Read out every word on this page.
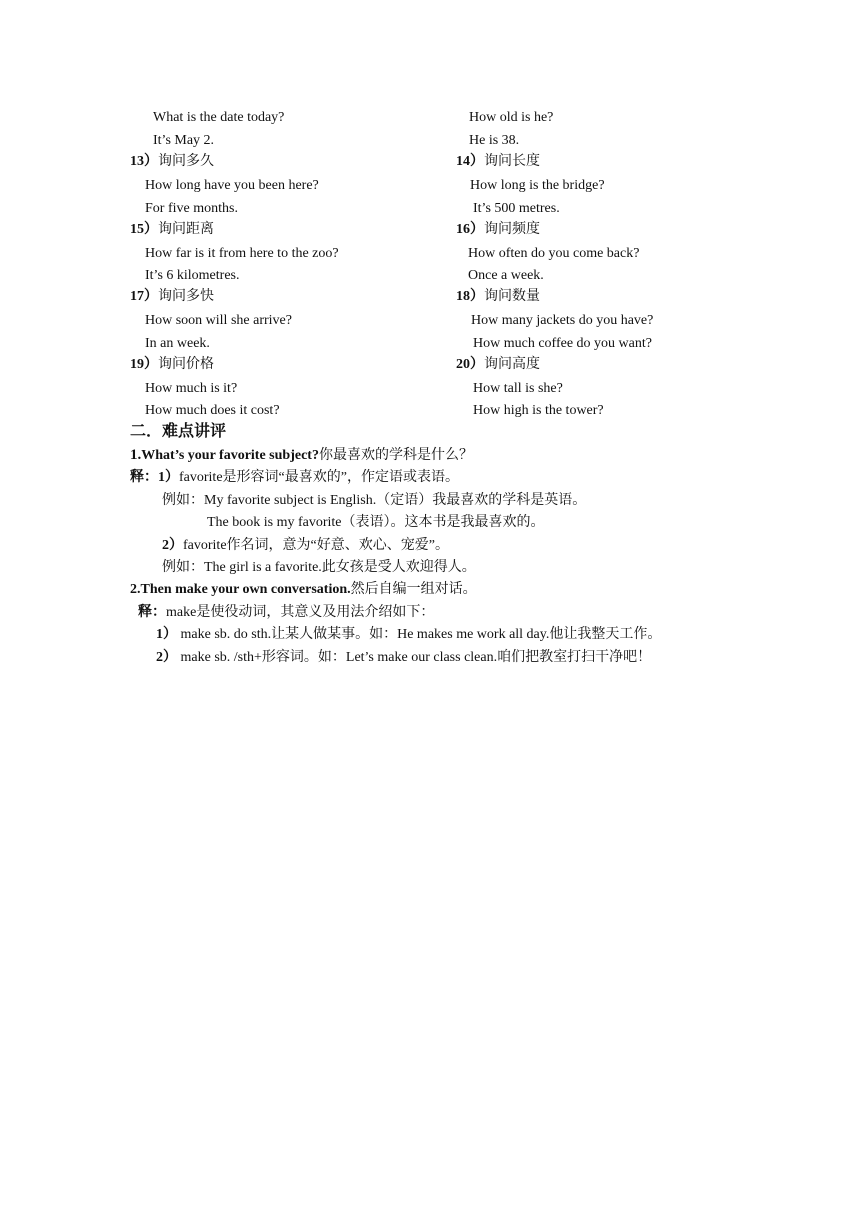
What is the date today?
It’s May 2.
13）询问多久
How long have you been here?
For five months.
15）询问距离
How far is it from here to the zoo?
It’s 6 kilometres.
17）询问多快
How soon will she arrive?
In an week.
19）询问价格
How much is it?
How much does it cost?
How old is he?
He is 38.
14）询问长度
How long is the bridge?
It’s 500 metres.
16）询问频度
How often do you come back?
Once a week.
18）询问数量
How many jackets do you have?
How much coffee do you want?
20）询问高度
How tall is she?
How high is the tower?
二．难点讲评
1.What’s your favorite subject?你最喜欢的学科是什么？
释：1）favorite是形容词“最喜欢的”，作定语或表语。
例如：My favorite subject is English.（定语）我最喜欢的学科是英语。
The book is my favorite（表语）。这本书是我最喜欢的。
2）favorite作名词，意为“好意、欢心、宠爱”。
例如：The girl is a favorite.此女孩是受人欢迎得人。
2.Then make your own conversation.然后自编一组对话。
释：make是使役动词，其意义及用法介绍如下：
1） make sb. do sth.让某人做某事。如：He makes me work all day.他让我整天工作。
2） make sb. /sth+形容词。如：Let’s make our class clean.咱们把教室打扫干净吧！
